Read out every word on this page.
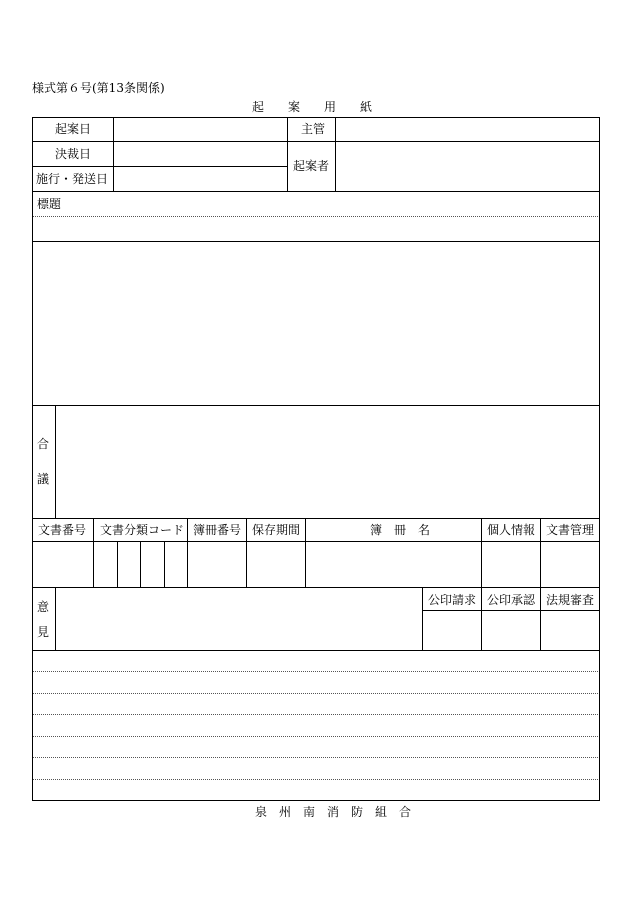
様式第６号(第13条関係)
起　　案　　用　　紙
起案日
決裁日
施行・発送日
主管
起案者
標題
合
議
文書番号 文書分類コード 簿冊番号 保存期間	簿　冊　名	個人情報 文書管理
意
見
公印請求 公印承認 法規審査
泉　州　南　消　防　組　合
